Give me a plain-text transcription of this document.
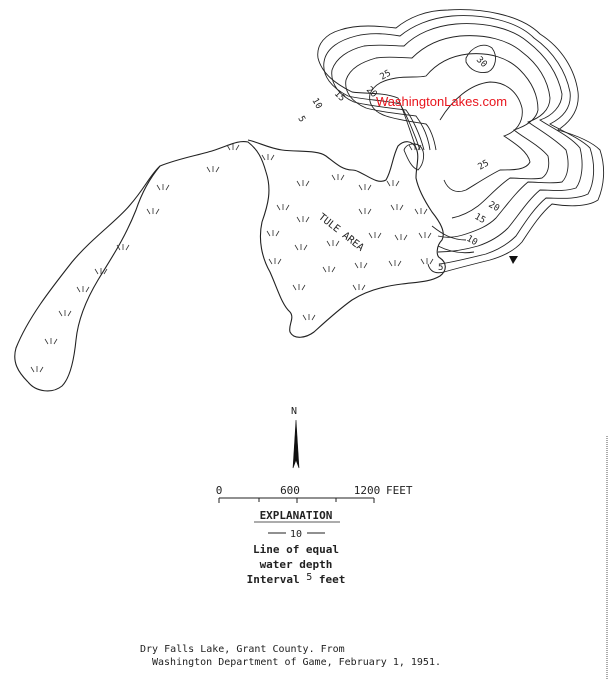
TULE AREA
5
10 15 20
25
30
5
10
15
20
25
WashingtonLakes.com
N
0	600	1200 FEET
EXPLANATION
10
Line of equal
water depth
Interval 5 feet
Dry Falls Lake, Grant County. From
Washington Department of Game, February 1, 1951.
